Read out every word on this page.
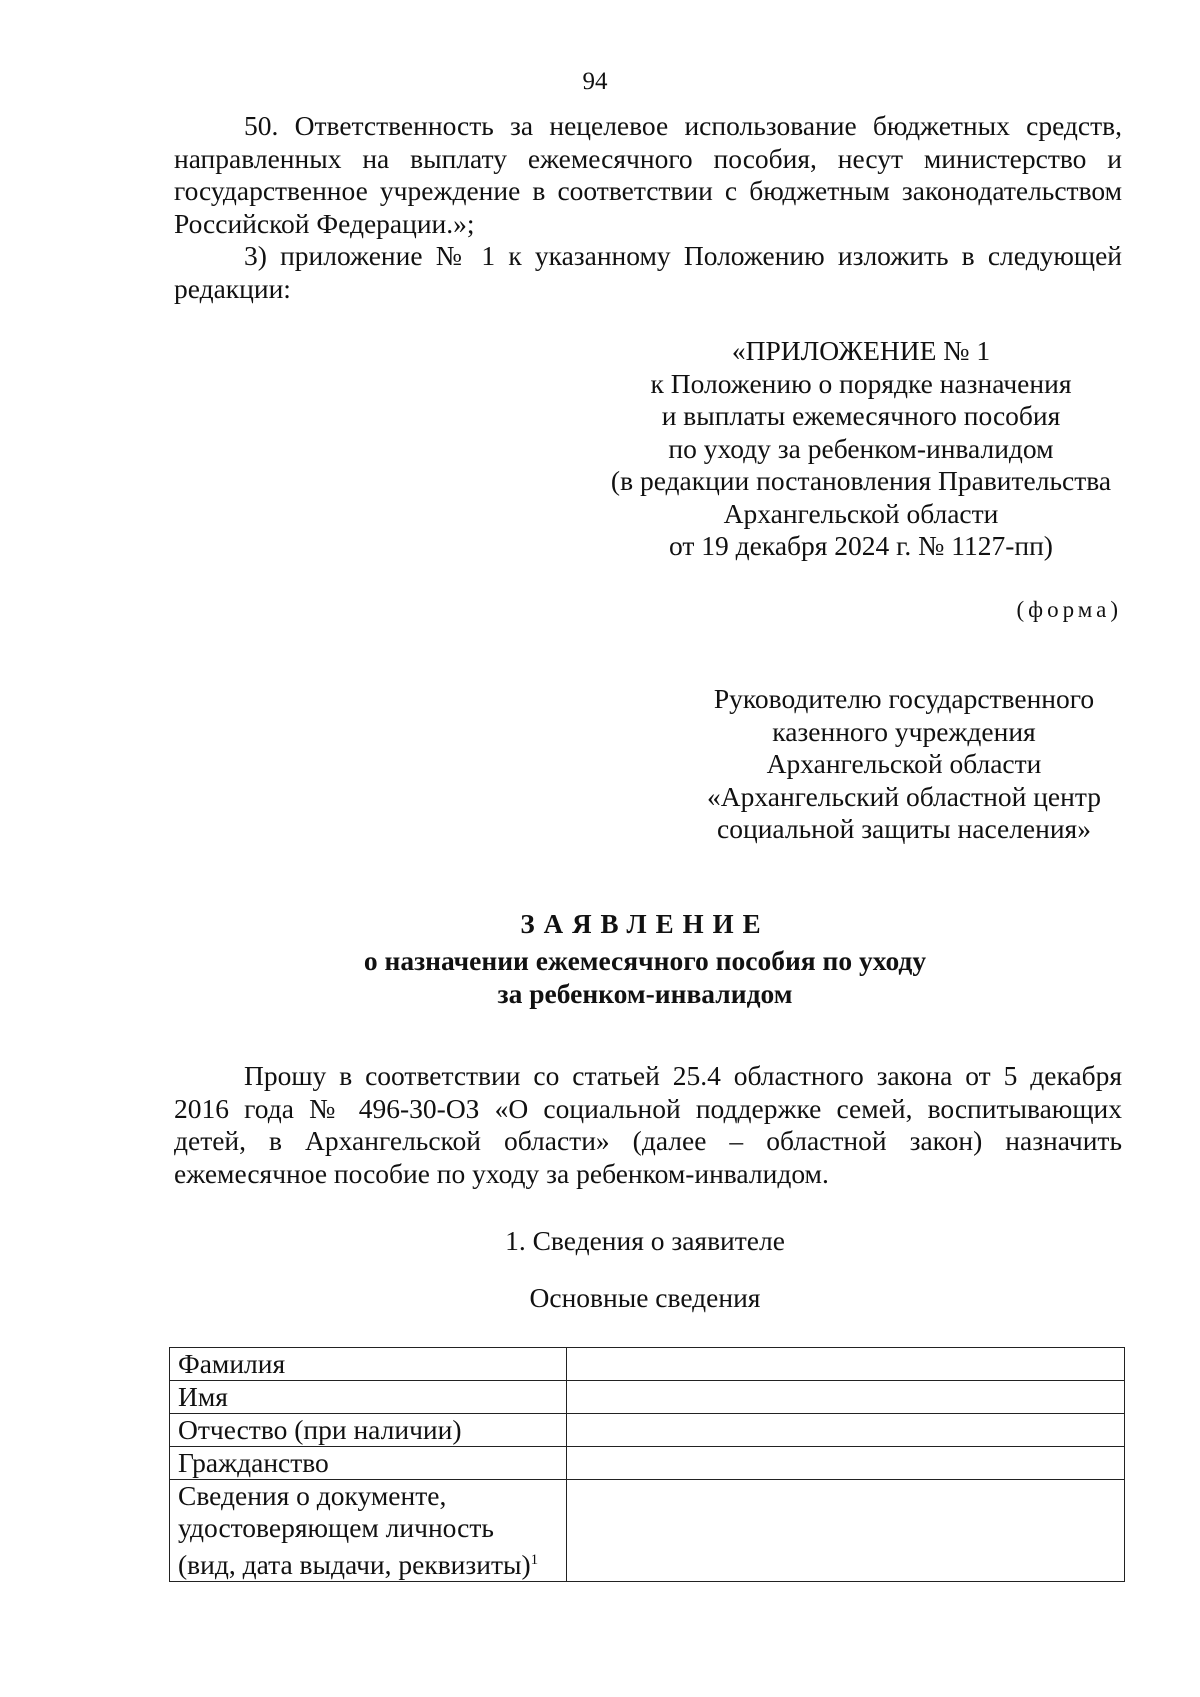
94

50. Ответственность за нецелевое использование бюджетных средств, направленных на выплату ежемесячного пособия, несут министерство и государственное учреждение в соответствии с бюджетным законодательством Российской Федерации.»;

3) приложение № 1 к указанному Положению изложить в следующей редакции:

«ПРИЛОЖЕНИЕ № 1
к Положению о порядке назначения
и выплаты ежемесячного пособия
по уходу за ребенком-инвалидом
(в редакции постановления Правительства
Архангельской области
от 19 декабря 2024 г. № 1127-пп)
(форма)
Руководителю государственного
казенного учреждения
Архангельской области
«Архангельский областной центр
социальной защиты населения»
ЗАЯВЛЕНИЕ
о назначении ежемесячного пособия по уходу
за ребенком-инвалидом

Прошу в соответствии со статьей 25.4 областного закона от 5 декабря 2016 года № 496-30-ОЗ «О социальной поддержке семей, воспитывающих детей, в Архангельской области» (далее – областной закон) назначить ежемесячное пособие по уходу за ребенком-инвалидом.

1. Сведения о заявителе
Основные сведения
Фамилия	
Имя	
Отчество (при наличии)	
Гражданство	

Сведения о документе,
удостоверяющем личность
(вид, дата выдачи, реквизиты)$^1$
